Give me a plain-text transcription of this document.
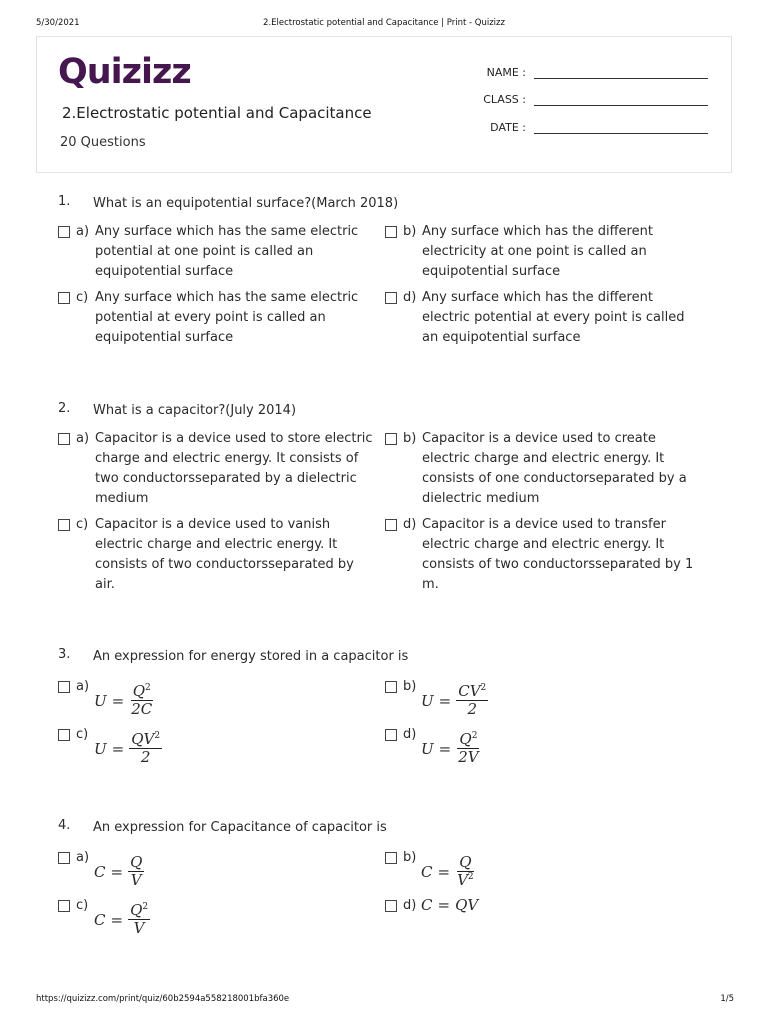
5/30/2021	2.Electrostatic potential and Capacitance | Print - Quizizz
https://quizizz.com/print/quiz/60b2594a558218001bfa360e	1/5
Quizizz
2.Electrostatic potential and Capacitance
20 Questions
NAME :
CLASS :
DATE :
1. What is an equipotential surface?(March 2018)
a) Any surface which has the same electric potential at one point is called an equipotential surface
b) Any surface which has the different electricity at one point is called an equipotential surface
c) Any surface which has the same electric potential at every point is called an equipotential surface
d) Any surface which has the different electric potential at every point is called an equipotential surface
2. What is a capacitor?(July 2014)
a) Capacitor is a device used to store electric charge and electric energy. It consists of two conductorsseparated by a dielectric medium
b) Capacitor is a device used to create electric charge and electric energy. It consists of one conductorseparated by a dielectric medium
c) Capacitor is a device used to vanish electric charge and electric energy. It consists of two conductorsseparated by air.
d) Capacitor is a device used to transfer electric charge and electric energy. It consists of two conductorsseparated by 1 m.
3. An expression for energy stored in a capacitor is
a)
$U = \frac{Q^2}{2C}$	b)
$U = \frac{CV^2}{2}$
c)
$U = \frac{QV^2}{2}$	d)
$U = \frac{Q^2}{2V}$
4. An expression for Capacitance of capacitor is
a)
$C = \frac{Q}{V}$	b)
$C = \frac{Q}{V^2}$
c)
$C = \frac{Q^2}{V}$	d) C = QV
